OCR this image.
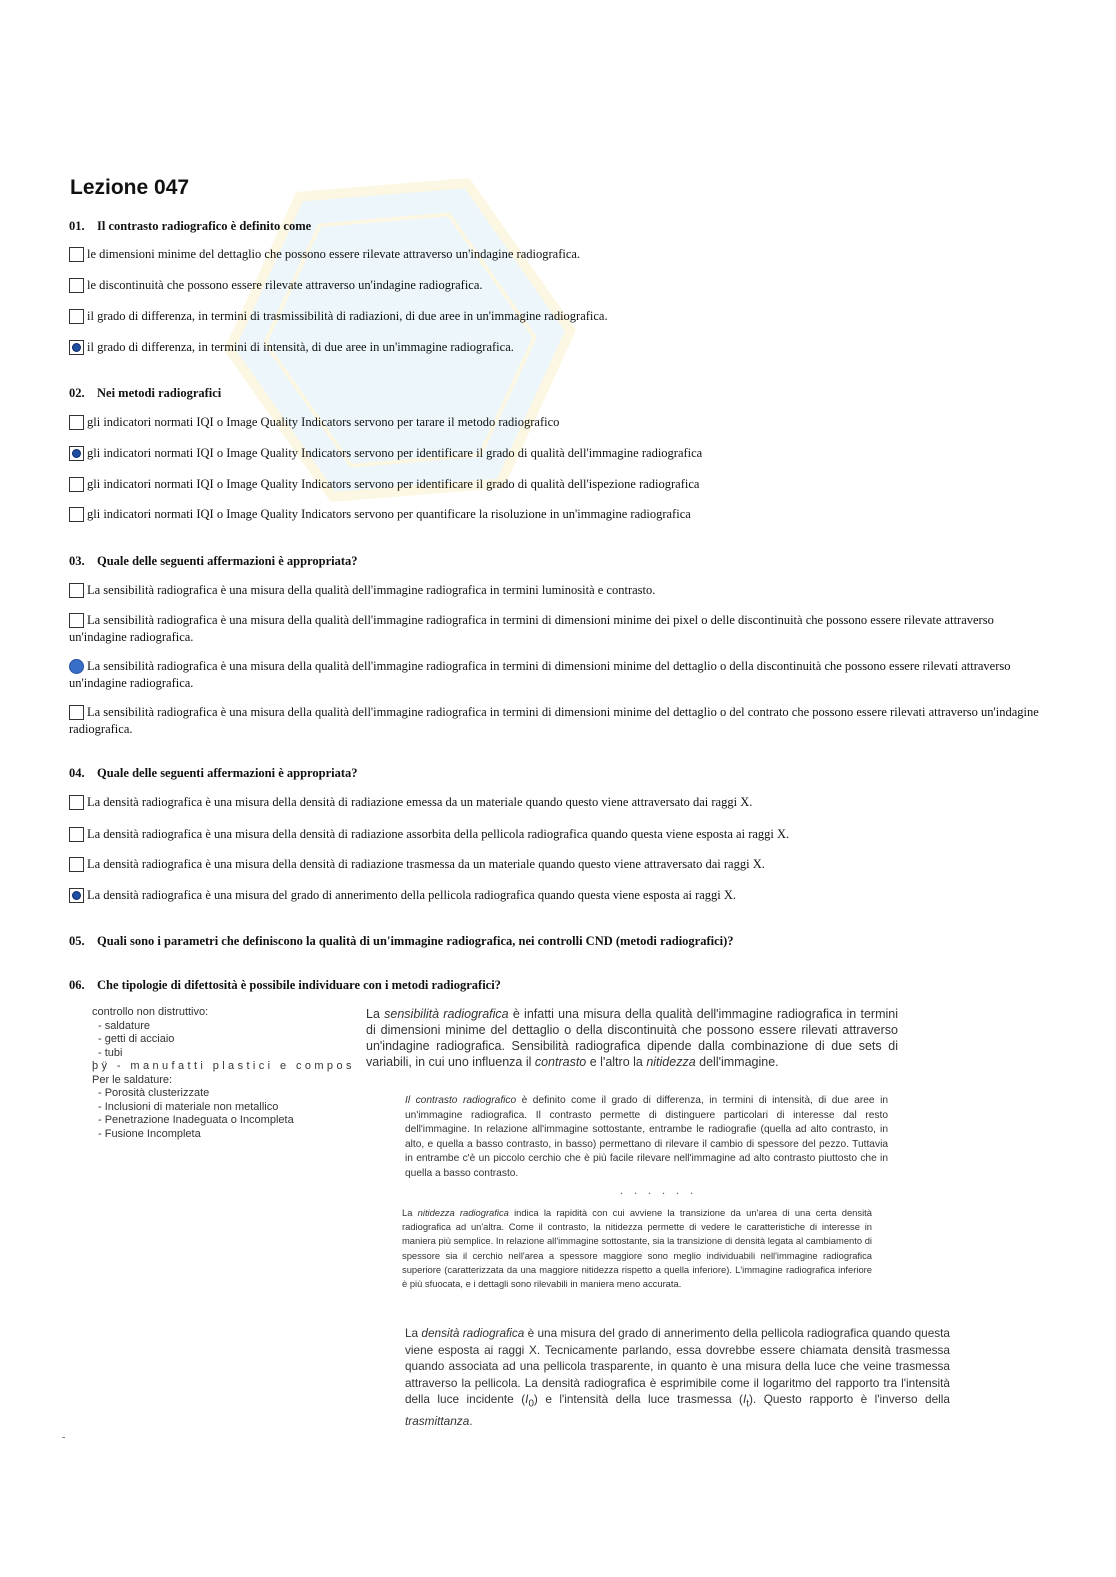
Lezione 047
01. Il contrasto radiografico è definito come
le dimensioni minime del dettaglio che possono essere rilevate attraverso un'indagine radiografica.
le discontinuità che possono essere rilevate attraverso un'indagine radiografica.
il grado di differenza, in termini di trasmissibilità di radiazioni, di due aree in un'immagine radiografica.
il grado di differenza, in termini di intensità, di due aree in un'immagine radiografica.
02. Nei metodi radiografici
gli indicatori normati IQI o Image Quality Indicators servono per tarare il metodo radiografico
gli indicatori normati IQI o Image Quality Indicators servono per identificare il grado di qualità dell'immagine radiografica
gli indicatori normati IQI o Image Quality Indicators servono per identificare il grado di qualità dell'ispezione radiografica
gli indicatori normati IQI o Image Quality Indicators servono per quantificare la risoluzione in un'immagine radiografica
03. Quale delle seguenti affermazioni è appropriata?
La sensibilità radiografica è una misura della qualità dell'immagine radiografica in termini luminosità e contrasto.
La sensibilità radiografica è una misura della qualità dell'immagine radiografica in termini di dimensioni minime dei pixel o delle discontinuità che possono essere rilevate attraverso un'indagine radiografica.
La sensibilità radiografica è una misura della qualità dell'immagine radiografica in termini di dimensioni minime del dettaglio o della discontinuità che possono essere rilevati attraverso un'indagine radiografica.
La sensibilità radiografica è una misura della qualità dell'immagine radiografica in termini di dimensioni minime del dettaglio o del contrato che possono essere rilevati attraverso un'indagine radiografica.
04. Quale delle seguenti affermazioni è appropriata?
La densità radiografica è una misura della densità di radiazione emessa da un materiale quando questo viene attraversato dai raggi X.
La densità radiografica è una misura della densità di radiazione assorbita della pellicola radiografica quando questa viene esposta ai raggi X.
La densità radiografica è una misura della densità di radiazione trasmessa da un materiale quando questo viene attraversato dai raggi X.
La densità radiografica è una misura del grado di annerimento della pellicola radiografica quando questa viene esposta ai raggi X.
05. Quali sono i parametri che definiscono la qualità di un'immagine radiografica, nei controlli CND (metodi radiografici)?
06. Che tipologie di difettosità è possibile individuare con i metodi radiografici?
controllo non distruttivo:
- saldature
- getti di acciaio
- tubi
þÿ - manufatti plastici e compos
Per le saldature:
- Porosità clusterizzate
- Inclusioni di materiale non metallico
- Penetrazione Inadeguata o Incompleta
- Fusione Incompleta
La sensibilità radiografica è infatti una misura della qualità dell'immagine radiografica in termini di dimensioni minime del dettaglio o della discontinuità che possono essere rilevati attraverso un'indagine radiografica. Sensibilità radiografica dipende dalla combinazione di due sets di variabili, in cui uno influenza il contrasto e l'altro la nitidezza dell'immagine.
Il contrasto radiografico è definito come il grado di differenza, in termini di intensità, di due aree in un'immagine radiografica. Il contrasto permette di distinguere particolari di interesse dal resto dell'immagine. In relazione all'immagine sottostante, entrambe le radiografie (quella ad alto contrasto, in alto, e quella a basso contrasto, in basso) permettano di rilevare il cambio di spessore del pezzo. Tuttavia in entrambe c'è un piccolo cerchio che è più facile rilevare nell'immagine ad alto contrasto piuttosto che in quella a basso contrasto.
. . . . . .
La nitidezza radiografica indica la rapidità con cui avviene la transizione da un'area di una certa densità radiografica ad un'altra. Come il contrasto, la nitidezza permette di vedere le caratteristiche di interesse in maniera più semplice. In relazione all'immagine sottostante, sia la transizione di densità legata al cambiamento di spessore sia il cerchio nell'area a spessore maggiore sono meglio individuabili nell'immagine radiografica superiore (caratterizzata da una maggiore nitidezza rispetto a quella inferiore). L'immagine radiografica inferiore è più sfuocata, e i dettagli sono rilevabili in maniera meno accurata.
La densità radiografica è una misura del grado di annerimento della pellicola radiografica quando questa viene esposta ai raggi X. Tecnicamente parlando, essa dovrebbe essere chiamata densità trasmessa quando associata ad una pellicola trasparente, in quanto è una misura della luce che veine trasmessa attraverso la pellicola. La densità radiografica è esprimibile come il logaritmo del rapporto tra l'intensità della luce incidente $(I_0)$ e l'intensità della luce trasmessa $(I_t)$. Questo rapporto è l'inverso della trasmittanza.
-
